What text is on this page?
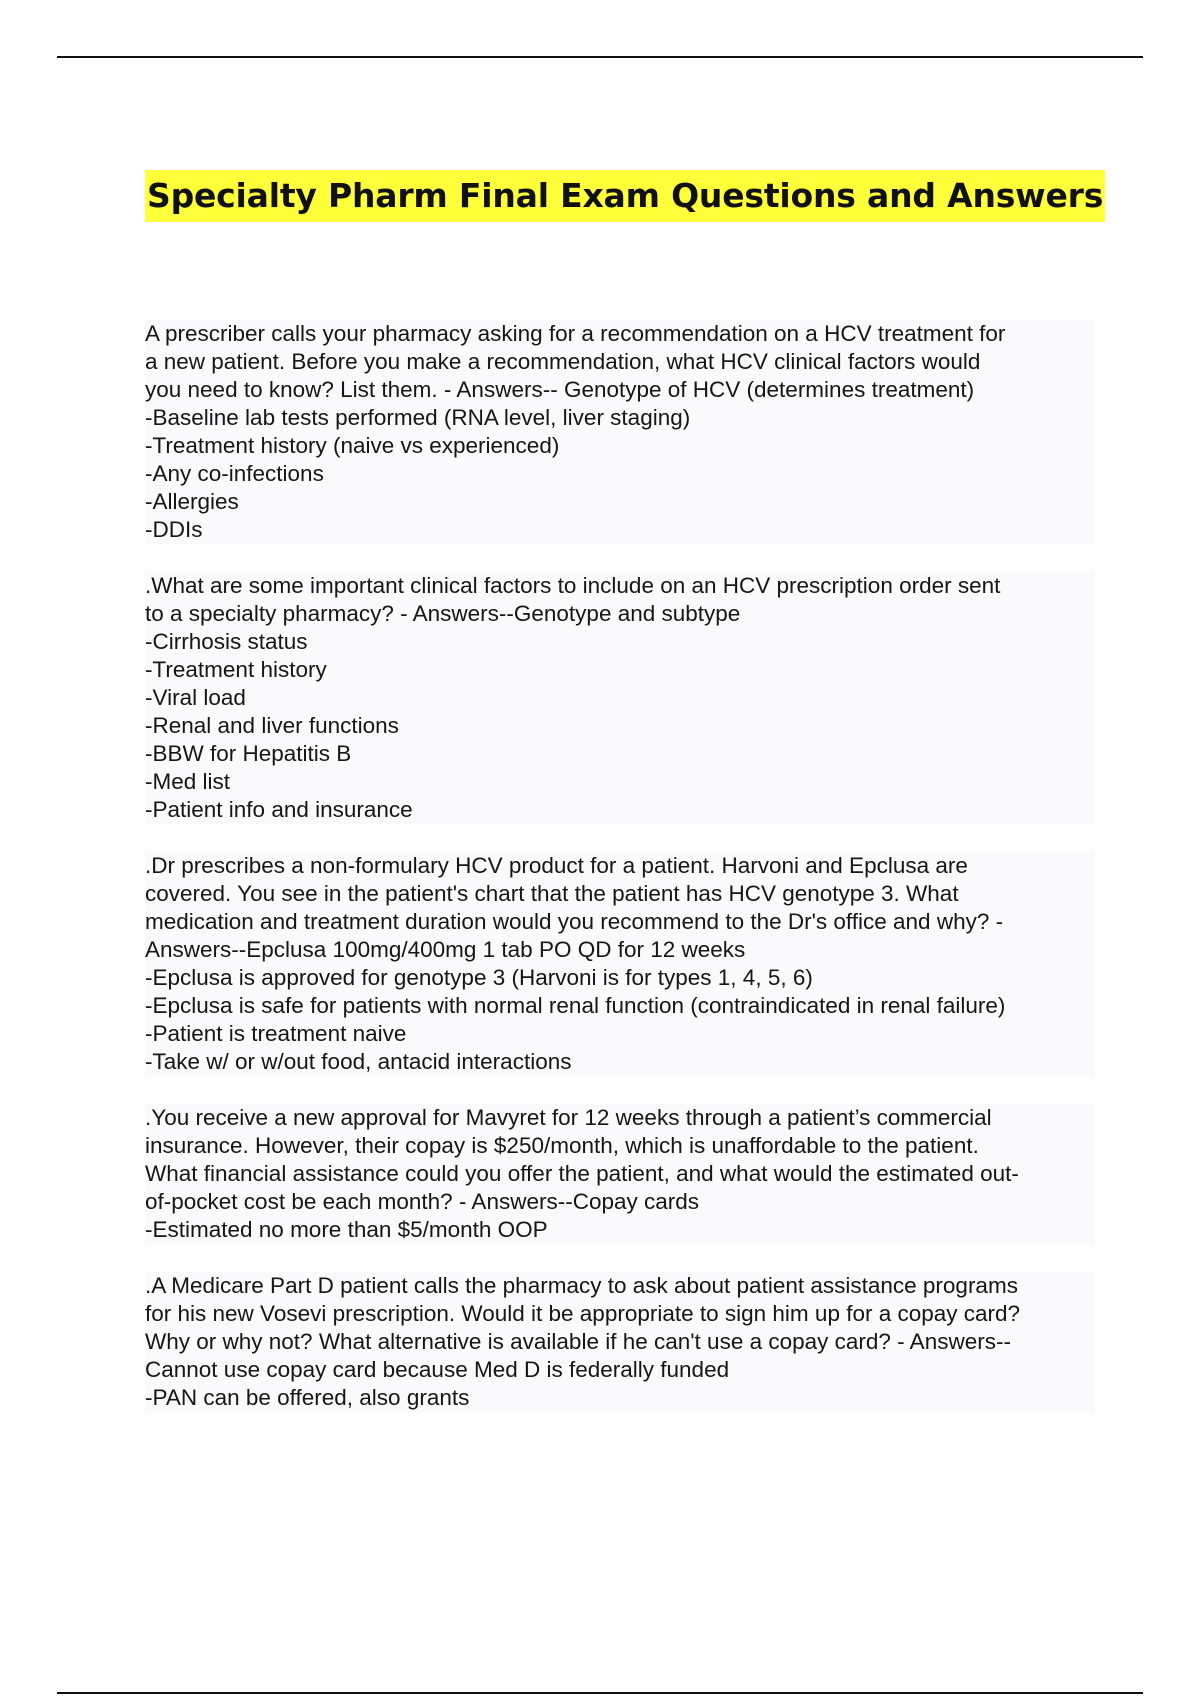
Specialty Pharm Final Exam Questions and Answers
A prescriber calls your pharmacy asking for a recommendation on a HCV treatment for
a new patient. Before you make a recommendation, what HCV clinical factors would
you need to know? List them. - Answers-- Genotype of HCV (determines treatment)
-Baseline lab tests performed (RNA level, liver staging)
-Treatment history (naive vs experienced)
-Any co-infections
-Allergies
-DDIs
.What are some important clinical factors to include on an HCV prescription order sent
to a specialty pharmacy? - Answers--Genotype and subtype
-Cirrhosis status
-Treatment history
-Viral load
-Renal and liver functions
-BBW for Hepatitis B
-Med list
-Patient info and insurance
.Dr prescribes a non-formulary HCV product for a patient. Harvoni and Epclusa are
covered. You see in the patient's chart that the patient has HCV genotype 3. What
medication and treatment duration would you recommend to the Dr's office and why? -
Answers--Epclusa 100mg/400mg 1 tab PO QD for 12 weeks
-Epclusa is approved for genotype 3 (Harvoni is for types 1, 4, 5, 6)
-Epclusa is safe for patients with normal renal function (contraindicated in renal failure)
-Patient is treatment naive
-Take w/ or w/out food, antacid interactions
.You receive a new approval for Mavyret for 12 weeks through a patient’s commercial
insurance. However, their copay is $250/month, which is unaffordable to the patient.
What financial assistance could you offer the patient, and what would the estimated out-
of-pocket cost be each month? - Answers--Copay cards
-Estimated no more than $5/month OOP
.A Medicare Part D patient calls the pharmacy to ask about patient assistance programs
for his new Vosevi prescription. Would it be appropriate to sign him up for a copay card?
Why or why not? What alternative is available if he can't use a copay card? - Answers--
Cannot use copay card because Med D is federally funded
-PAN can be offered, also grants
